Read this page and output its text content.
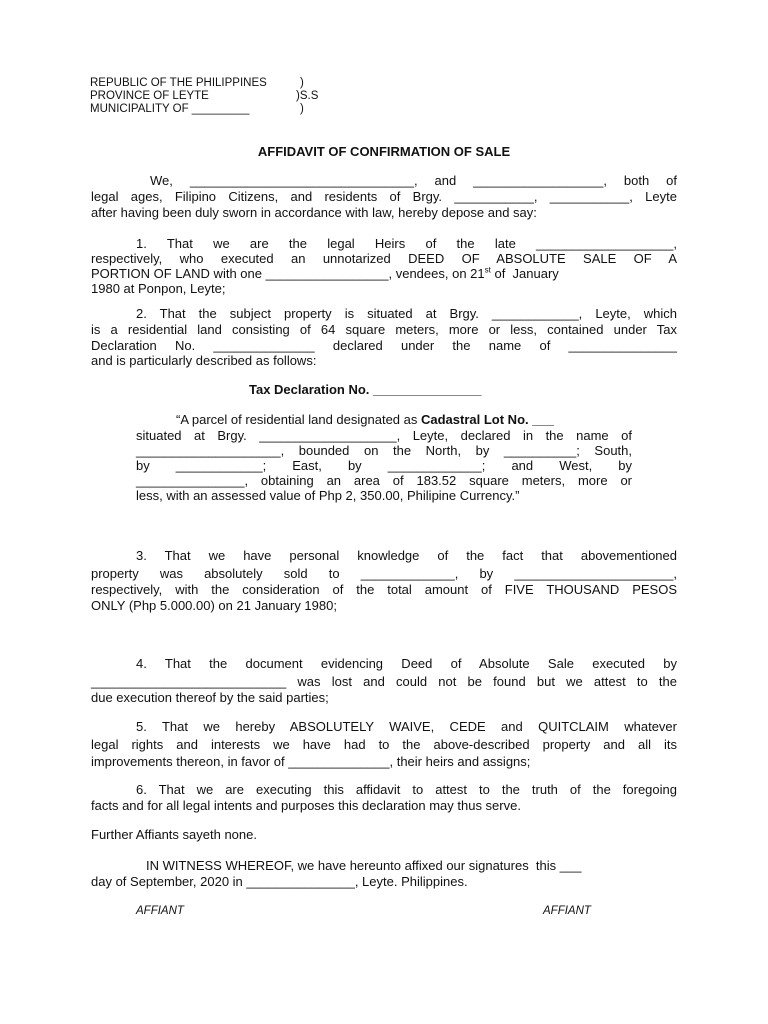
REPUBLIC OF THE PHILIPPINES	)
PROVINCE OF LEYTE	)S.S
MUNICIPALITY OF _________	)
AFFIDAVIT OF CONFIRMATION OF SALE
We, _______________________________, and __________________, both of
legal ages, Filipino Citizens, and residents of Brgy. ___________, ___________, Leyte
after having been duly sworn in accordance with law, hereby depose and say:
1. That we are the legal Heirs of the late ___________________,
respectively, who executed an unnotarized DEED OF ABSOLUTE SALE OF A
PORTION OF LAND with one _________________, vendees, on 21st of  January
1980 at Ponpon, Leyte;
2. That the subject property is situated at Brgy. ____________, Leyte, which
is a residential land consisting of 64 square meters, more or less, contained under Tax
Declaration No. ______________ declared under the name of _______________
and is particularly described as follows:
Tax Declaration No. _______________
“A parcel of residential land designated as Cadastral Lot No. ___
situated at Brgy. ___________________, Leyte, declared in the name of
____________________, bounded on the North, by __________; South,
by ____________; East, by _____________; and West, by
_______________, obtaining an area of 183.52 square meters, more or
less, with an assessed value of Php 2, 350.00, Philipine Currency.”
3. That we have personal knowledge of the fact that abovementioned
property was absolutely sold to _____________, by ______________________,
respectively, with the consideration of the total amount of FIVE THOUSAND PESOS
ONLY (Php 5.000.00) on 21 January 1980;
4. That the document evidencing Deed of Absolute Sale executed by
___________________________ was lost and could not be found but we attest to the
due execution thereof by the said parties;
5. That we hereby ABSOLUTELY WAIVE, CEDE and QUITCLAIM whatever
legal rights and interests we have had to the above-described property and all its
improvements thereon, in favor of ______________, their heirs and assigns;
6. That we are executing this affidavit to attest to the truth of the foregoing
facts and for all legal intents and purposes this declaration may thus serve.
Further Affiants sayeth none.
IN WITNESS WHEREOF, we have hereunto affixed our signatures  this ___
day of September, 2020 in _______________, Leyte. Philippines.
AFFIANT	AFFIANT
